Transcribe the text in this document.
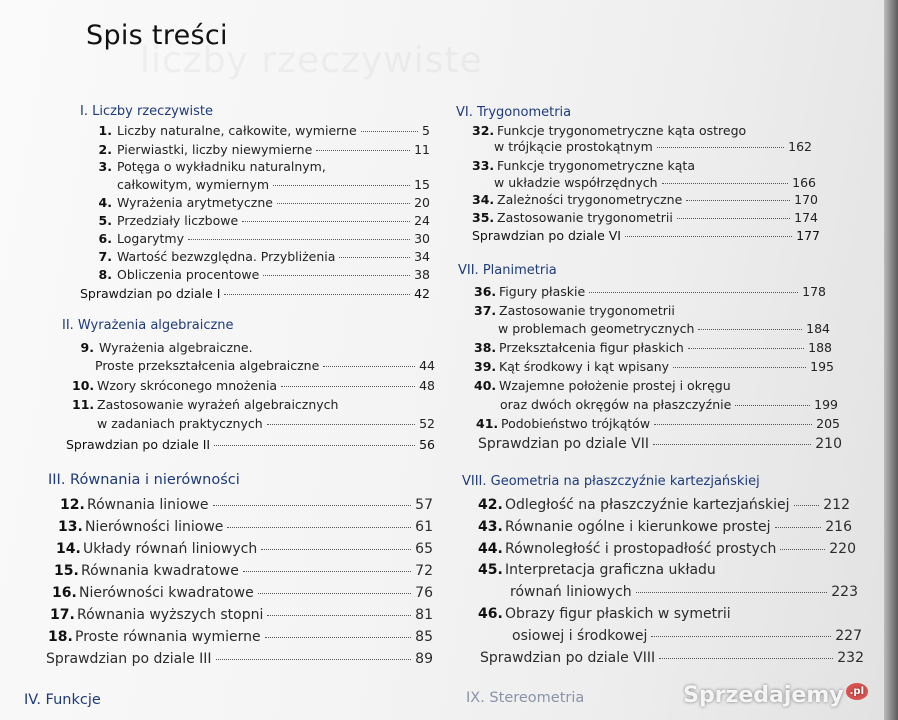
Spis treści
I. Liczby rzeczywiste
1. Liczby naturalne, całkowite, wymierne	5
2. Pierwiastki, liczby niewymierne	11
3. Potęga o wykładniku naturalnym,
całkowitym, wymiernym	15
4. Wyrażenia arytmetyczne	20
5. Przedziały liczbowe	24
6. Logarytmy	30
7. Wartość bezwzględna. Przybliżenia	34
8. Obliczenia procentowe	38
Sprawdzian po dziale I	42
II. Wyrażenia algebraiczne
9. Wyrażenia algebraiczne.
Proste przekształcenia algebraiczne	44
10. Wzory skróconego mnożenia	48
11. Zastosowanie wyrażeń algebraicznych
w zadaniach praktycznych	52
Sprawdzian po dziale II	56
III. Równania i nierówności
12. Równania liniowe	57
13. Nierówności liniowe	61
14. Układy równań liniowych	65
15. Równania kwadratowe	72
16. Nierówności kwadratowe	76
17. Równania wyższych stopni	81
18. Proste równania wymierne	85
Sprawdzian po dziale III	89
IV. Funkcje
VI. Trygonometria
32. Funkcje trygonometryczne kąta ostrego
w trójkącie prostokątnym	162
33. Funkcje trygonometryczne kąta
w układzie współrzędnych	166
34. Zależności trygonometryczne	170
35. Zastosowanie trygonometrii	174
Sprawdzian po dziale VI	177
VII. Planimetria
36. Figury płaskie	178
37. Zastosowanie trygonometrii
w problemach geometrycznych	184
38. Przekształcenia figur płaskich	188
39. Kąt środkowy i kąt wpisany	195
40. Wzajemne położenie prostej i okręgu
oraz dwóch okręgów na płaszczyźnie	199
41. Podobieństwo trójkątów	205
Sprawdzian po dziale VII	210
VIII. Geometria na płaszczyźnie kartezjańskiej
42. Odległość na płaszczyźnie kartezjańskiej 212
43. Równanie ogólne i kierunkowe prostej	216
44. Równoległość i prostopadłość prostych	220
45. Interpretacja graficzna układu
równań liniowych	223
46. Obrazy figur płaskich w symetrii
osiowej i środkowej	227
Sprawdzian po dziale VIII	232
IX. Stereometria	Sprzedajemy .pl
